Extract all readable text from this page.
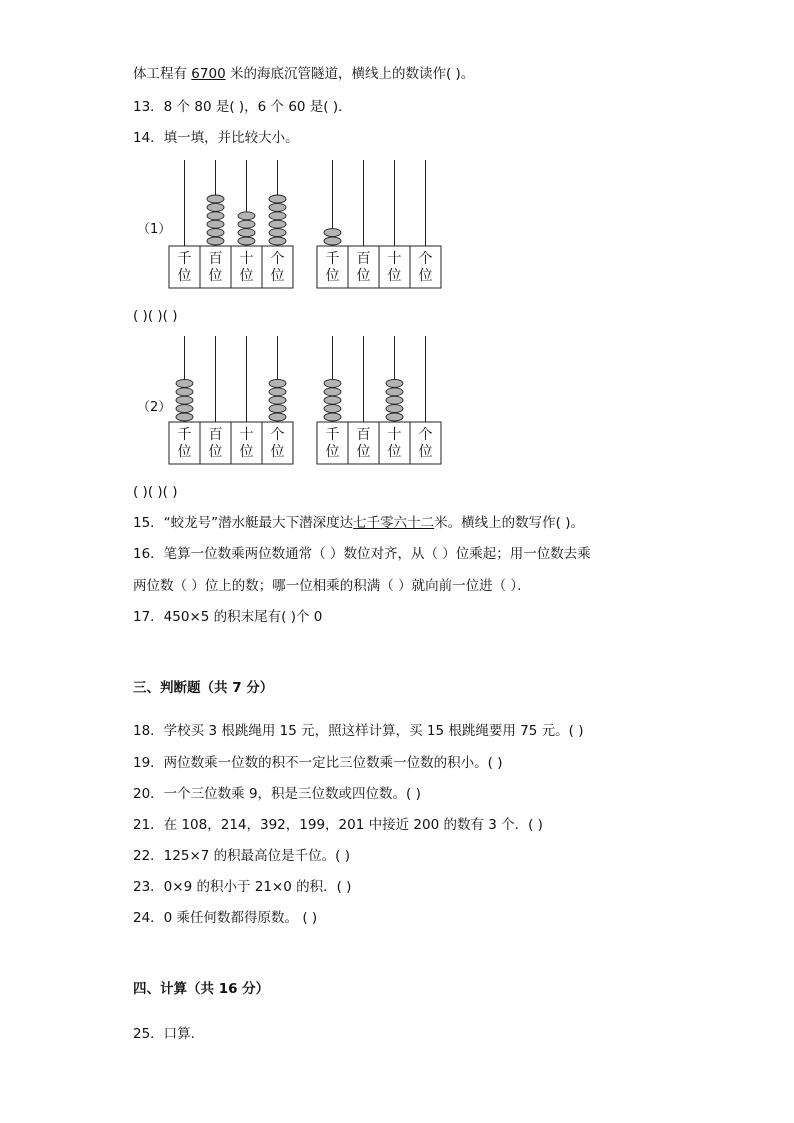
体工程有 6700 米的海底沉管隧道，横线上的数读作( )。
13．8 个 80 是( )，6 个 60 是( )．
14．填一填，并比较大小。
（1）
千
位
百
位
十
位
个
位
千
位
百
位
十
位
个
位
( )( )( )
（2）
千
位
百
位
十
位
个
位
千
位
百
位
十
位
个
位
( )( )( )
15．“蛟龙号”潜水艇最大下潜深度达七千零六十二米。横线上的数写作( )。
16．笔算一位数乘两位数通常（ ）数位对齐，从（ ）位乘起；用一位数去乘
两位数（ ）位上的数；哪一位相乘的积满（ ）就向前一位进（ ）．
17．450×5 的积末尾有( )个 0
三、判断题（共 7 分）
18．学校买 3 根跳绳用 15 元，照这样计算，买 15 根跳绳要用 75 元。( )
19．两位数乘一位数的积不一定比三位数乘一位数的积小。( )
20．一个三位数乘 9，积是三位数或四位数。( )
21．在 108，214，392，199，201 中接近 200 的数有 3 个．( )
22．125×7 的积最高位是千位。( )
23．0×9 的积小于 21×0 的积．( )
24．0 乘任何数都得原数。 ( )
四、计算（共 16 分）
25．口算.
